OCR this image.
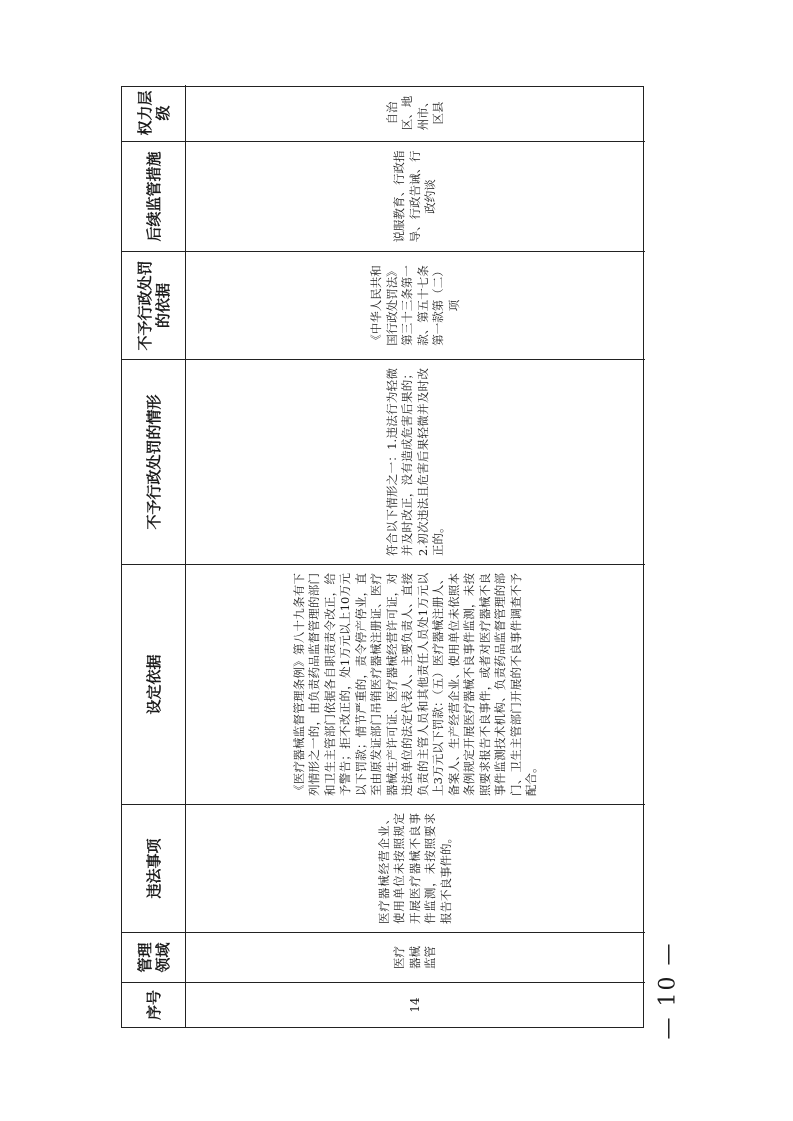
序号
管理领域
违法事项
设定依据
不予行政处罚的情形
不予行政处罚的依据
后续监管措施
权力层级
14
医疗器械监管
医疗器械经营企业、使用单位未按照规定开展医疗器械不良事件监测，未按照要求报告不良事件的。
《医疗器械监督管理条例》第八十九条有下列情形之一的，由负责药品监督管理的部门和卫生主管部门依据各自职责责令改正，给予警告；拒不改正的，处1万元以上10万元以下罚款；情节严重的，责令停产停业，直至由原发证部门吊销医疗器械注册证、医疗器械生产许可证、医疗器械经营许可证，对违法单位的法定代表人、主要负责人、直接负责的主管人员和其他责任人员处1万元以上3万元以下罚款：（五）医疗器械注册人、备案人、生产经营企业、使用单位未依照本条例规定开展医疗器械不良事件监测，未按照要求报告不良事件，或者对医疗器械不良事件监测技术机构、负责药品监督管理的部门、卫生主管部门开展的不良事件调查不予配合。
符合以下情形之一：1.违法行为轻微并及时改正，没有造成危害后果的；2.初次违法且危害后果轻微并及时改正的。
《中华人民共和国行政处罚法》第三十三条第一款、第五十七条第一款第（二）项
说服教育、行政指导、行政告诫、行政约谈
自治区、地州市、区县
— 10 —
